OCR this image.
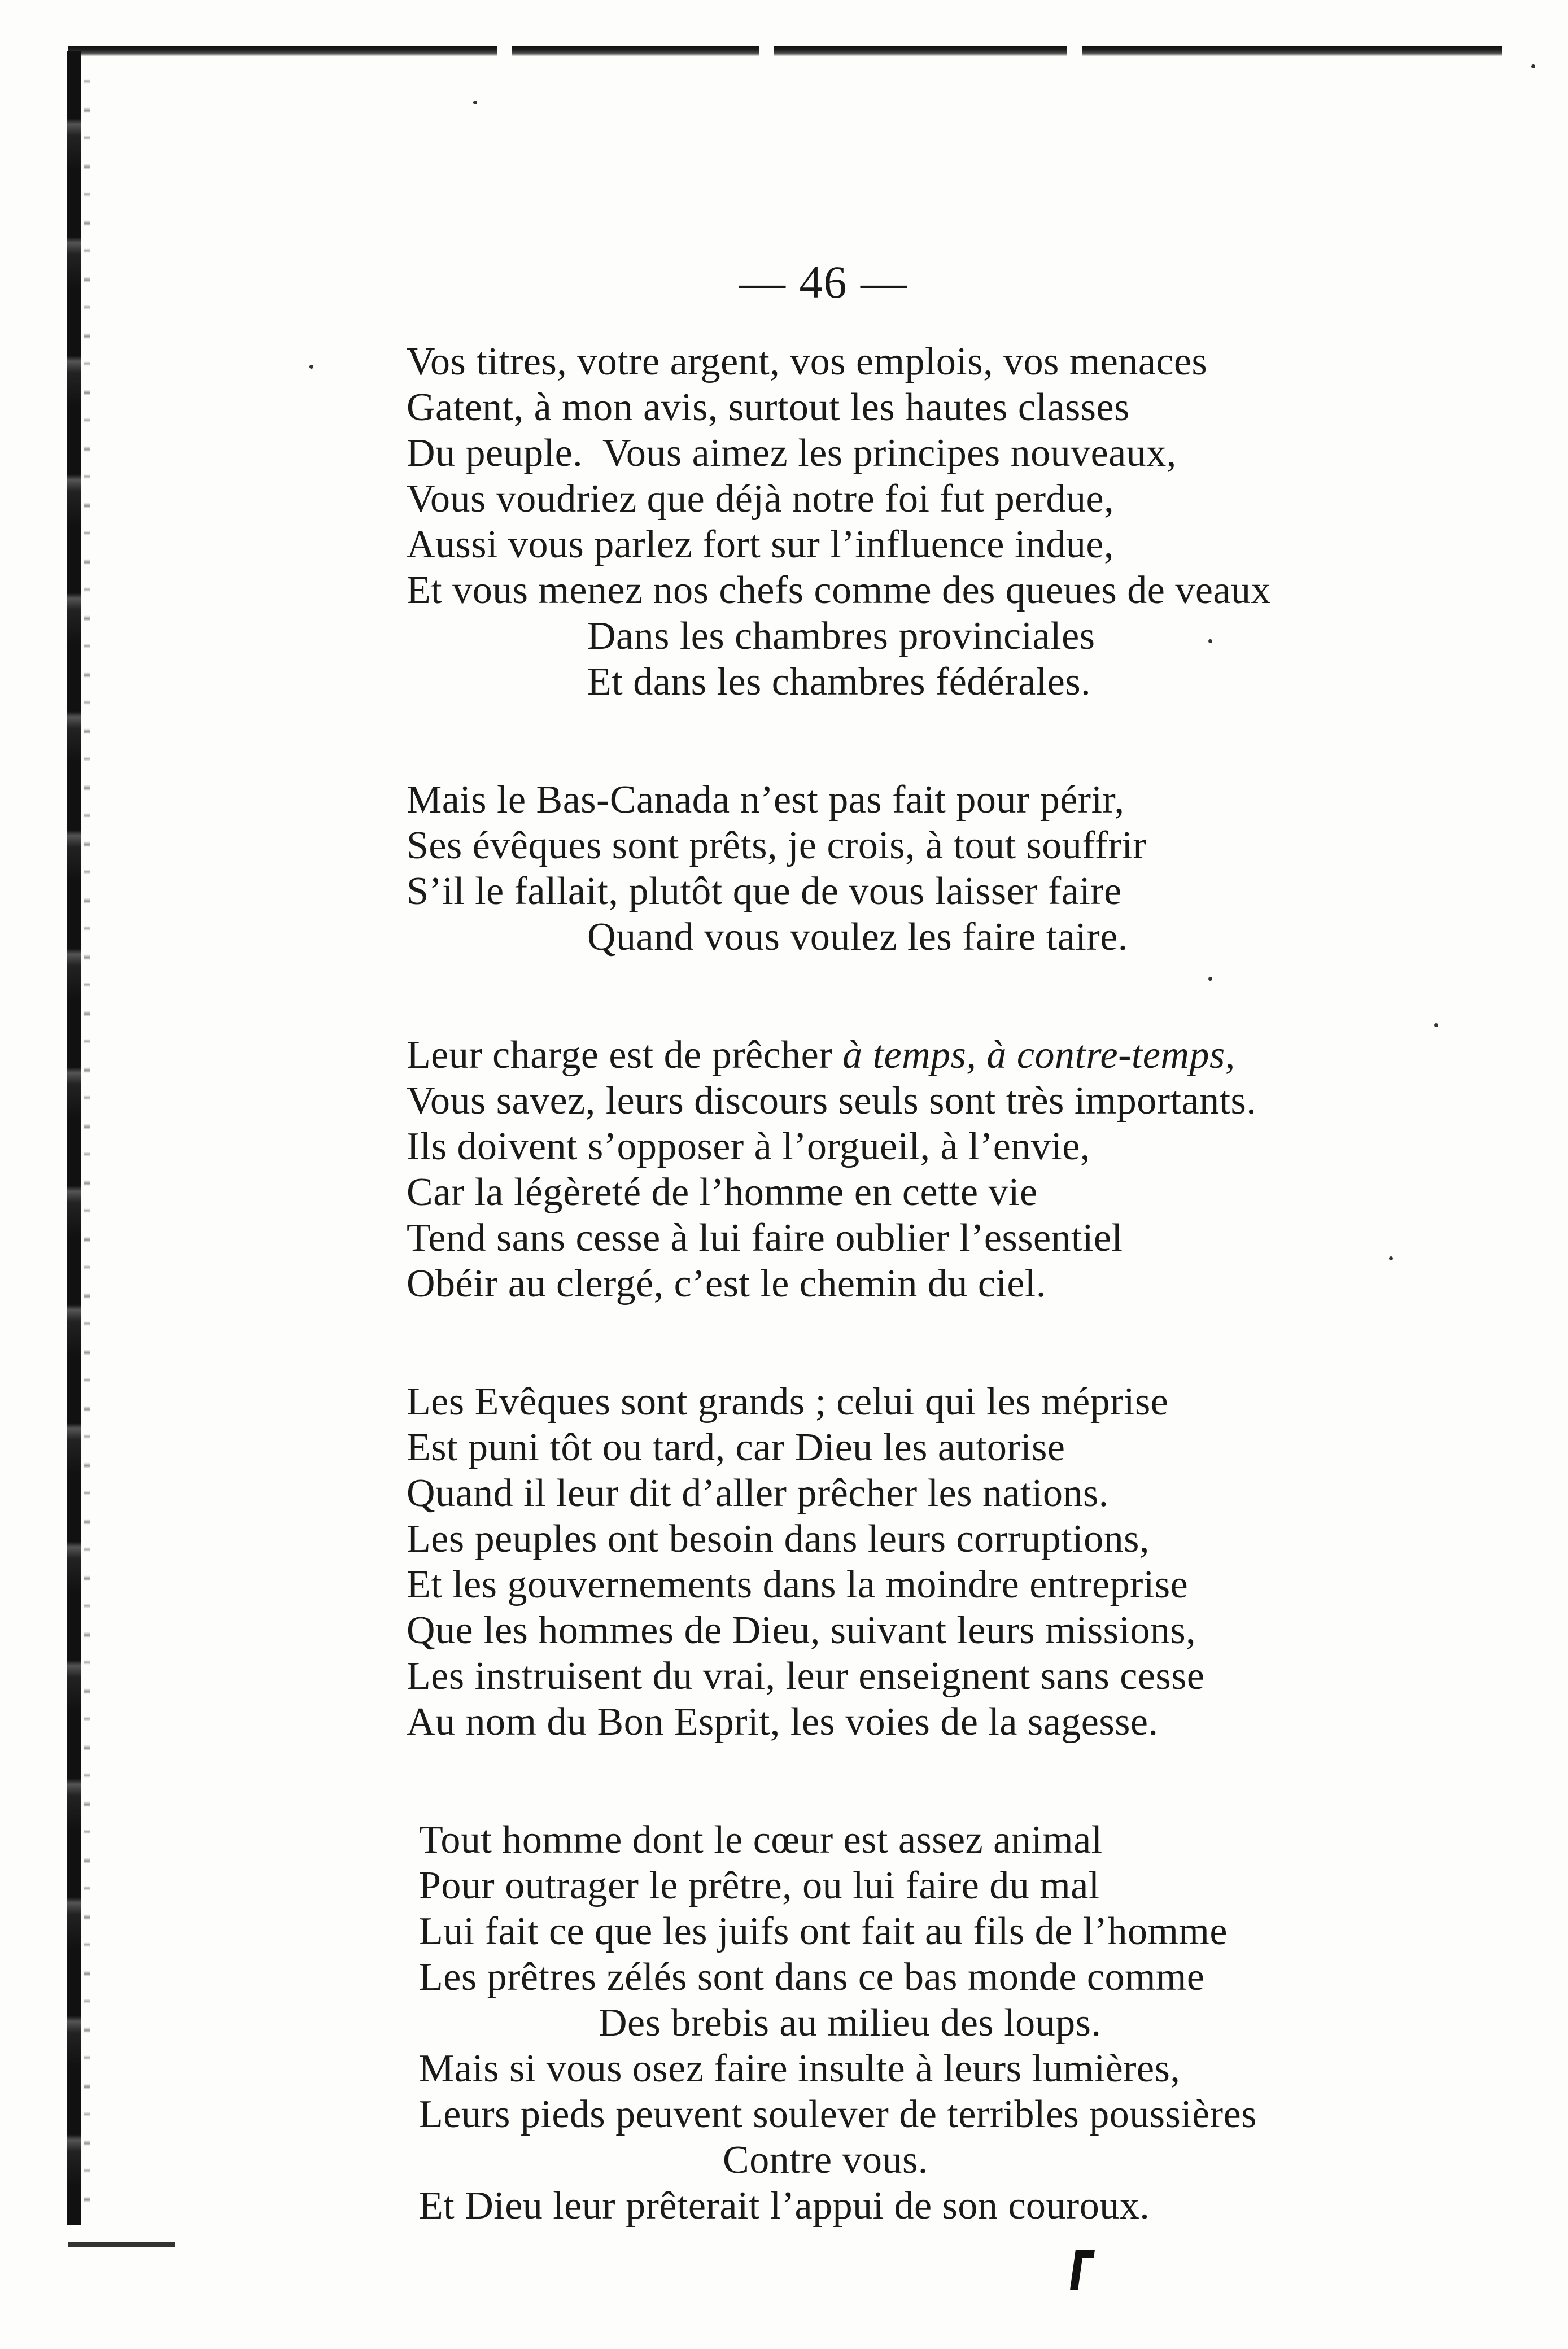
— 46 —
Vos titres, votre argent, vos emplois, vos menaces
Gatent, à mon avis, surtout les hautes classes
Du peuple.  Vous aimez les principes nouveaux,
Vous voudriez que déjà notre foi fut perdue,
Aussi vous parlez fort sur l’influence indue,
Et vous menez nos chefs comme des queues de veaux
Dans les chambres provinciales
Et dans les chambres fédérales.
Mais le Bas-Canada n’est pas fait pour périr,
Ses évêques sont prêts, je crois, à tout souffrir
S’il le fallait, plutôt que de vous laisser faire
Quand vous voulez les faire taire.
Leur charge est de prêcher à temps, à contre-temps,
Vous savez, leurs discours seuls sont très importants.
Ils doivent s’opposer à l’orgueil, à l’envie,
Car la légèreté de l’homme en cette vie
Tend sans cesse à lui faire oublier l’essentiel
Obéir au clergé, c’est le chemin du ciel.
Les Evêques sont grands ; celui qui les méprise
Est puni tôt ou tard, car Dieu les autorise
Quand il leur dit d’aller prêcher les nations.
Les peuples ont besoin dans leurs corruptions,
Et les gouvernements dans la moindre entreprise
Que les hommes de Dieu, suivant leurs missions,
Les instruisent du vrai, leur enseignent sans cesse
Au nom du Bon Esprit, les voies de la sagesse.
Tout homme dont le cœur est assez animal
Pour outrager le prêtre, ou lui faire du mal
Lui fait ce que les juifs ont fait au fils de l’homme
Les prêtres zélés sont dans ce bas monde comme
Des brebis au milieu des loups.
Mais si vous osez faire insulte à leurs lumières,
Leurs pieds peuvent soulever de terribles poussières
Contre vous.
Et Dieu leur prêterait l’appui de son couroux.
